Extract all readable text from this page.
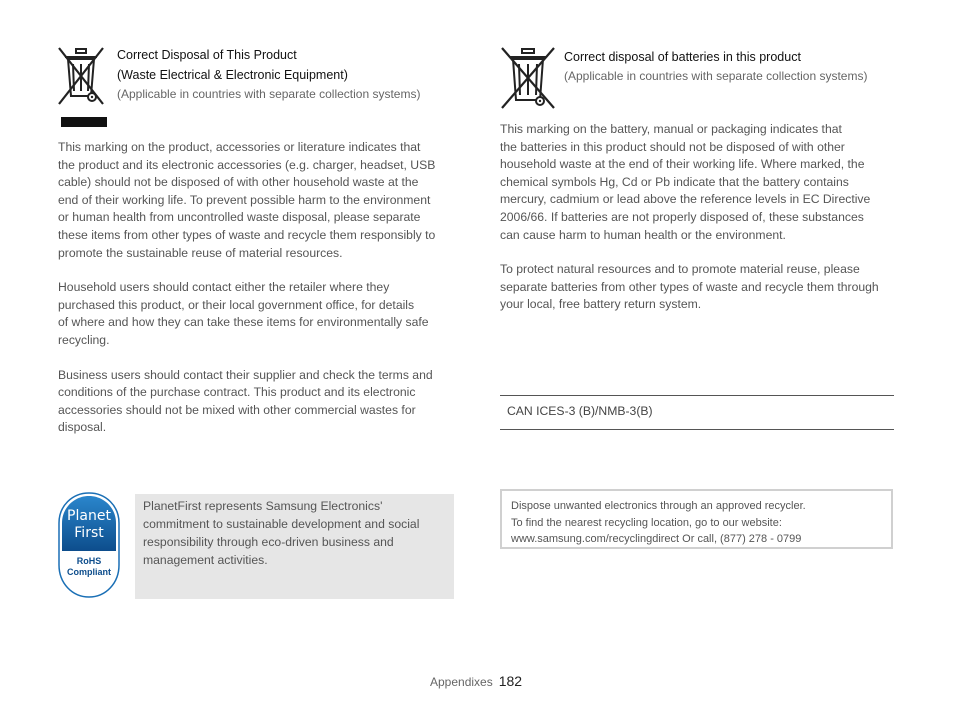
Correct Disposal of This Product
(Waste Electrical & Electronic Equipment)
(Applicable in countries with separate collection systems)

This marking on the product, accessories or literature indicates that
the product and its electronic accessories (e.g. charger, headset, USB
cable) should not be disposed of with other household waste at the
end of their working life. To prevent possible harm to the environment
or human health from uncontrolled waste disposal, please separate
these items from other types of waste and recycle them responsibly to
promote the sustainable reuse of material resources.

Household users should contact either the retailer where they
purchased this product, or their local government office, for details
of where and how they can take these items for environmentally safe
recycling.

Business users should contact their supplier and check the terms and
conditions of the purchase contract. This product and its electronic
accessories should not be mixed with other commercial wastes for
disposal.

Planet
First
RoHS
Compliant

PlanetFirst represents Samsung Electronics'
commitment to sustainable development and social
responsibility through eco-driven business and
management activities.

Correct disposal of batteries in this product
(Applicable in countries with separate collection systems)

This marking on the battery, manual or packaging indicates that
the batteries in this product should not be disposed of with other
household waste at the end of their working life. Where marked, the
chemical symbols Hg, Cd or Pb indicate that the battery contains
mercury, cadmium or lead above the reference levels in EC Directive
2006/66. If batteries are not properly disposed of, these substances
can cause harm to human health or the environment.

To protect natural resources and to promote material reuse, please
separate batteries from other types of waste and recycle them through
your local, free battery return system.

CAN ICES-3 (B)/NMB-3(B)
Dispose unwanted electronics through an approved recycler.
To find the nearest recycling location, go to our website:
www.samsung.com/recyclingdirect Or call, (877) 278 - 0799
Appendixes 182
